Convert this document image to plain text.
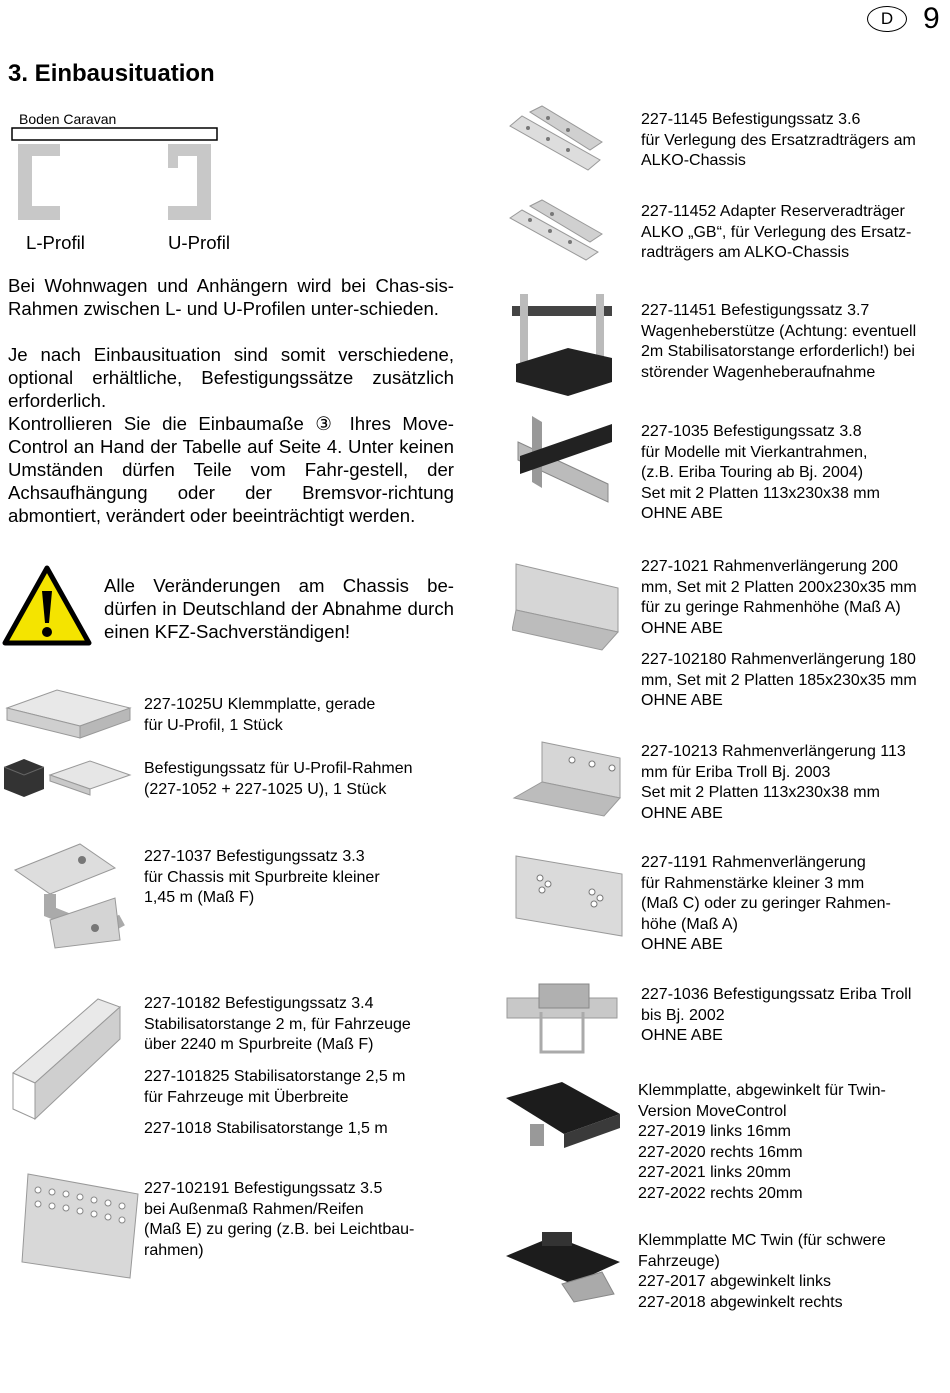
D 9
3. Einbausituation
Boden Caravan
L-Profil	U-Profil
Bei Wohnwagen und Anhängern wird bei Chas-sis-Rahmen zwischen L- und U-Profilen unter-schieden.
Je nach Einbausituation sind somit verschiedene, optional erhältliche, Befestigungssätze zusätzlich erforderlich.
Kontrollieren Sie die Einbaumaße ③ Ihres Move-Control an Hand der Tabelle auf Seite 4. Unter keinen Umständen dürfen Teile vom Fahr-gestell, der Achsaufhängung oder der Bremsvor-richtung abmontiert, verändert oder beeinträchtigt werden.
Alle Veränderungen am Chassis be-dürfen in Deutschland der Abnahme durch einen KFZ-Sachverständigen!
227-1025U Klemmplatte, gerade
für U-Profil, 1 Stück
Befestigungssatz für U-Profil-Rahmen
(227-1052 + 227-1025 U), 1 Stück
227-1037 Befestigungssatz 3.3
für Chassis mit Spurbreite kleiner
1,45 m (Maß F)
227-10182 Befestigungssatz 3.4
Stabilisatorstange 2 m, für Fahrzeuge
über 2240 m Spurbreite (Maß F)
227-101825 Stabilisatorstange 2,5 m
für Fahrzeuge mit Überbreite
227-1018 Stabilisatorstange 1,5 m
227-102191 Befestigungssatz 3.5
bei Außenmaß Rahmen/Reifen
(Maß E) zu gering (z.B. bei Leichtbau-
rahmen)
227-1145 Befestigungssatz 3.6
für Verlegung des Ersatzradträgers am
ALKO-Chassis
227-11452 Adapter Reserveradträger
ALKO „GB“, für Verlegung des Ersatz-
radträgers am ALKO-Chassis
227-11451 Befestigungssatz 3.7
Wagenheberstütze (Achtung: eventuell
2m Stabilisatorstange erforderlich!) bei
störender Wagenheberaufnahme
227-1035 Befestigungssatz 3.8
für Modelle mit Vierkantrahmen,
(z.B. Eriba Touring ab Bj. 2004)
Set mit 2 Platten 113x230x38 mm
OHNE ABE
227-1021 Rahmenverlängerung 200
mm, Set mit 2 Platten 200x230x35 mm
für zu geringe Rahmenhöhe (Maß A)
OHNE ABE
227-102180 Rahmenverlängerung 180
mm, Set mit 2 Platten 185x230x35 mm
OHNE ABE
227-10213 Rahmenverlängerung 113
mm für Eriba Troll Bj. 2003
Set mit 2 Platten 113x230x38 mm
OHNE ABE
227-1191 Rahmenverlängerung
für Rahmenstärke kleiner 3 mm
(Maß C) oder zu geringer Rahmen-
höhe (Maß A)
OHNE ABE
227-1036 Befestigungssatz Eriba Troll
bis Bj. 2002
OHNE ABE
Klemmplatte, abgewinkelt für Twin-
Version MoveControl
227-2019 links 16mm
227-2020 rechts 16mm
227-2021 links 20mm
227-2022 rechts 20mm
Klemmplatte MC Twin (für schwere
Fahrzeuge)
227-2017 abgewinkelt links
227-2018 abgewinkelt rechts
